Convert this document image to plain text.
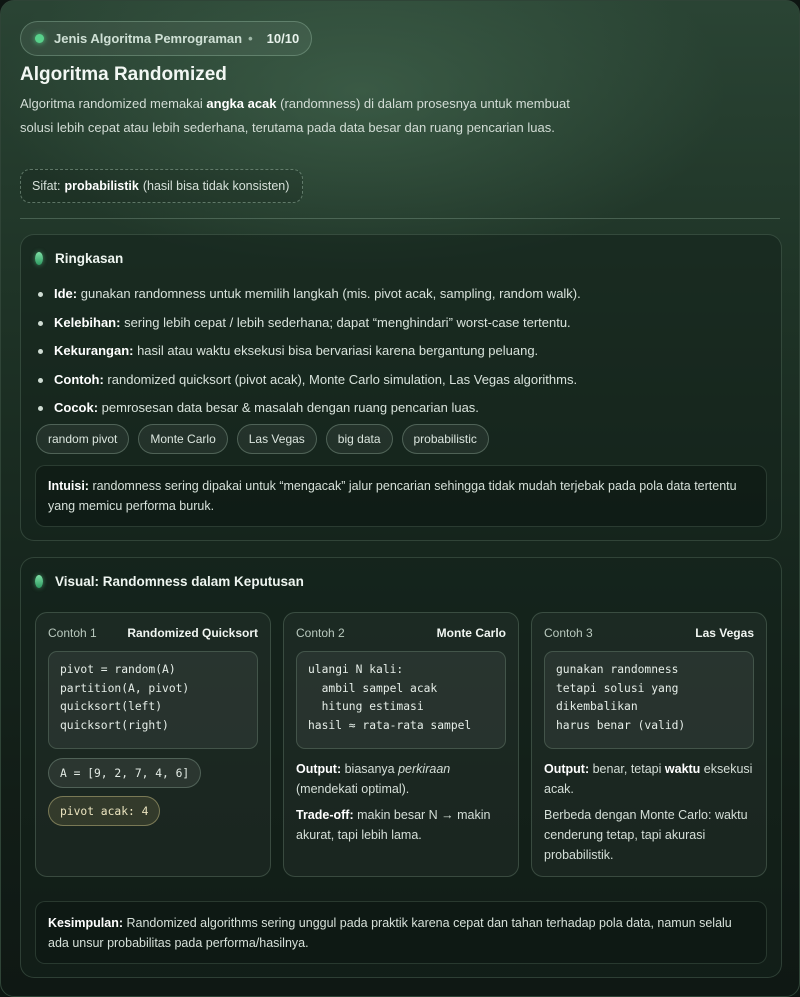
Jenis Algoritma Pemrograman • 10/10
Algoritma Randomized
Algoritma randomized memakai angka acak (randomness) di dalam prosesnya untuk membuat solusi lebih cepat atau lebih sederhana, terutama pada data besar dan ruang pencarian luas.
Sifat: probabilistik (hasil bisa tidak konsisten)
Ringkasan
Ide: gunakan randomness untuk memilih langkah (mis. pivot acak, sampling, random walk).
Kelebihan: sering lebih cepat / lebih sederhana; dapat “menghindari” worst-case tertentu.
Kekurangan: hasil atau waktu eksekusi bisa bervariasi karena bergantung peluang.
Contoh: randomized quicksort (pivot acak), Monte Carlo simulation, Las Vegas algorithms.
Cocok: pemrosesan data besar & masalah dengan ruang pencarian luas.
random pivot	Monte Carlo	Las Vegas	big data	probabilistic
Intuisi: randomness sering dipakai untuk “mengacak” jalur pencarian sehingga tidak mudah terjebak pada pola data tertentu yang memicu performa buruk.
Visual: Randomness dalam Keputusan
Contoh 1	Randomized Quicksort
pivot = random(A)
partition(A, pivot)
quicksort(left)
quicksort(right)
A = [9, 2, 7, 4, 6]
pivot acak: 4
Contoh 2	Monte Carlo
ulangi N kali:
ambil sampel acak
hitung estimasi
hasil ≈ rata-rata sampel
Output: biasanya perkiraan (mendekati optimal).
Trade-off: makin besar N → makin akurat, tapi lebih lama.
Contoh 3	Las Vegas
gunakan randomness
tetapi solusi yang
dikembalikan
harus benar (valid)
Output: benar, tetapi waktu eksekusi acak.
Berbeda dengan Monte Carlo: waktu cenderung tetap, tapi akurasi probabilistik.
Kesimpulan: Randomized algorithms sering unggul pada praktik karena cepat dan tahan terhadap pola data, namun selalu ada unsur probabilitas pada performa/hasilnya.
